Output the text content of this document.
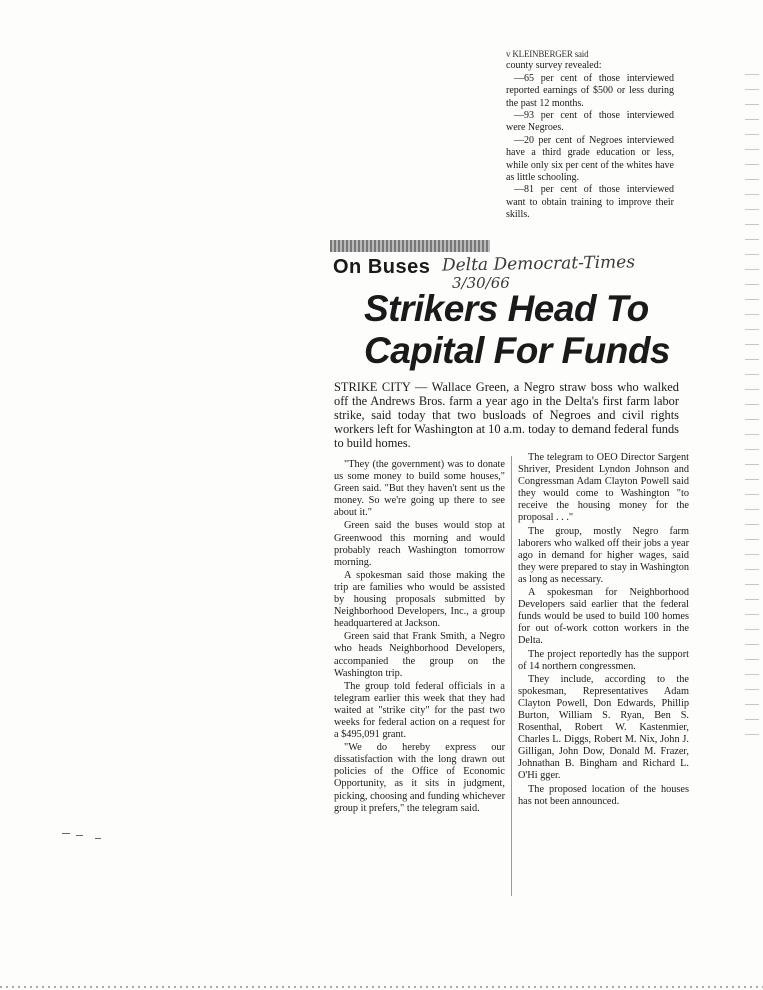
v KLEINBERGER said

county survey revealed:

—65 per cent of those interviewed reported earnings of $500 or less during the past 12 months.

—93 per cent of those interviewed were Negroes.

—20 per cent of Negroes interviewed have a third grade education or less, while only six per cent of the whites have as little schooling.

—81 per cent of those interviewed want to obtain training to improve their skills.

On Buses Delta Democrat-Times
3/30/66
Strikers Head To
Capital For Funds
STRIKE CITY — Wallace Green, a Negro straw boss who walked off the Andrews Bros. farm a year ago in the Delta's first farm labor strike, said today that two busloads of Negroes and civil rights workers left for Washington at 10 a.m. today to demand federal funds to build homes.

"They (the government) was to donate us some money to build some houses," Green said. "But they haven't sent us the money. So we're going up there to see about it."

Green said the buses would stop at Greenwood this morning and would probably reach Washington tomorrow morning.

A spokesman said those making the trip are families who would be assisted by housing proposals submitted by Neighborhood Developers, Inc., a group headquartered at Jackson.

Green said that Frank Smith, a Negro who heads Neighborhood Developers, accompanied the group on the Washington trip.

The group told federal officials in a telegram earlier this week that they had waited at "strike city" for the past two weeks for federal action on a request for a $495,091 grant.

"We do hereby express our dissatisfaction with the long drawn out policies of the Office of Economic Opportunity, as it sits in judgment, picking, choosing and funding whichever group it prefers," the telegram said.

The telegram to OEO Director Sargent Shriver, President Lyndon Johnson and Congressman Adam Clayton Powell said they would come to Washington "to receive the housing money for the proposal . . ."

The group, mostly Negro farm laborers who walked off their jobs a year ago in demand for higher wages, said they were prepared to stay in Washington as long as necessary.

A spokesman for Neighborhood Developers said earlier that the federal funds would be used to build 100 homes for out of-work cotton workers in the Delta.

The project reportedly has the support of 14 northern congressmen.

They include, according to the spokesman, Representatives Adam Clayton Powell, Don Edwards, Phillip Burton, William S. Ryan, Ben S. Rosenthal, Robert W. Kastenmier, Charles L. Diggs, Robert M. Nix, John J. Gilligan, John Dow, Donald M. Frazer, Johnathan B. Bingham and Richard L. O'Hi gger.

The proposed location of the houses has not been announced.
